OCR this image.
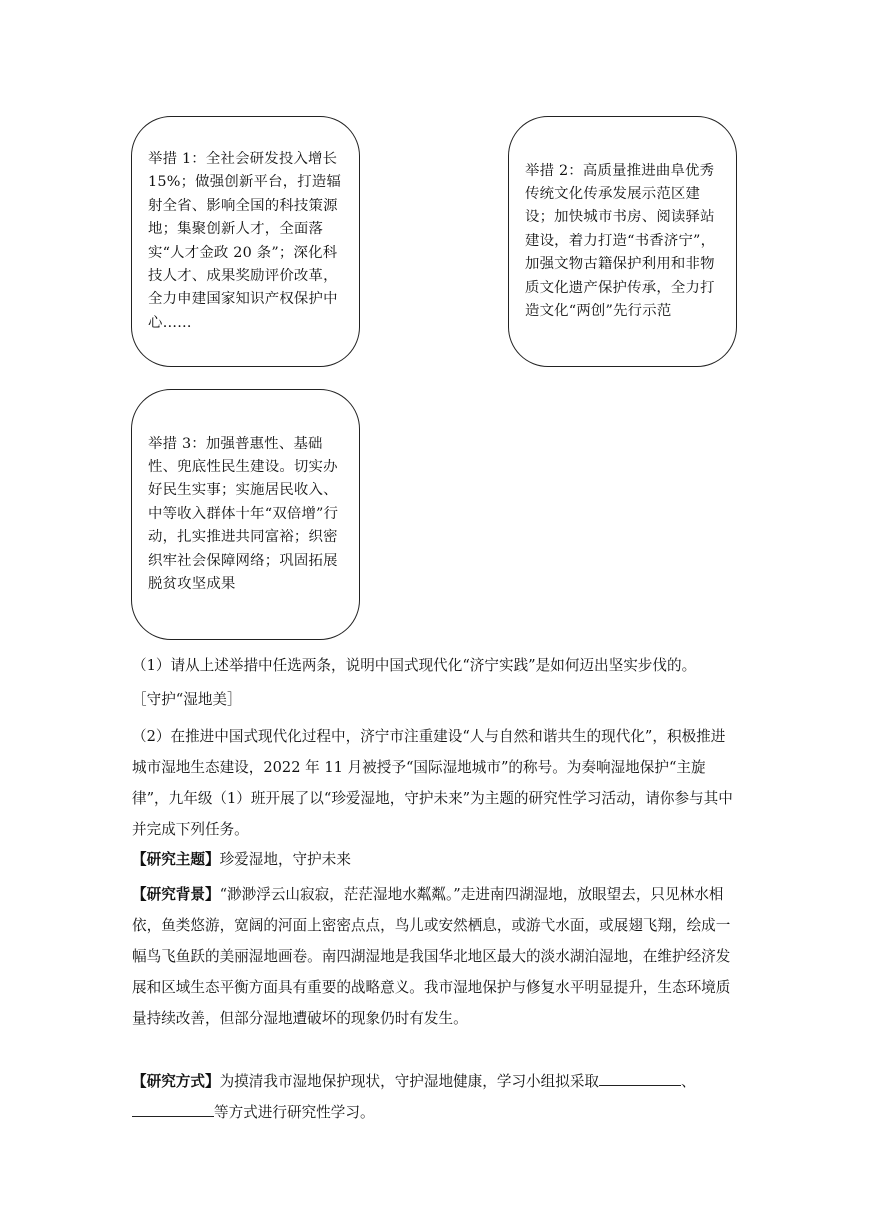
举措 1：全社会研发投入增长15%；做强创新平台，打造辐射全省、影响全国的科技策源地；集聚创新人才，全面落实“人才金政 20 条”；深化科技人才、成果奖励评价改革，全力申建国家知识产权保护中心……
举措 2：高质量推进曲阜优秀传统文化传承发展示范区建设；加快城市书房、阅读驿站建设，着力打造“书香济宁”，加强文物古籍保护利用和非物质文化遗产保护传承，全力打造文化“两创”先行示范
举措 3：加强普惠性、基础性、兜底性民生建设。切实办好民生实事；实施居民收入、中等收入群体十年“双倍增”行动，扎实推进共同富裕；织密织牢社会保障网络；巩固拓展脱贫攻坚成果

（1）请从上述举措中任选两条，说明中国式现代化“济宁实践”是如何迈出坚实步伐的。

［守护“湿地美］

（2）在推进中国式现代化过程中，济宁市注重建设“人与自然和谐共生的现代化”，积极推进城市湿地生态建设，2022 年 11 月被授予“国际湿地城市”的称号。为奏响湿地保护“主旋律”，九年级（1）班开展了以“珍爱湿地，守护未来”为主题的研究性学习活动，请你参与其中并完成下列任务。

【研究主题】珍爱湿地，守护未来

【研究背景】“渺渺浮云山寂寂，茫茫湿地水粼粼。”走进南四湖湿地，放眼望去，只见林水相依，鱼类悠游，宽阔的河面上密密点点，鸟儿或安然栖息，或游弋水面，或展翅飞翔，绘成一幅鸟飞鱼跃的美丽湿地画卷。南四湖湿地是我国华北地区最大的淡水湖泊湿地，在维护经济发展和区域生态平衡方面具有重要的战略意义。我市湿地保护与修复水平明显提升，生态环境质量持续改善，但部分湿地遭破坏的现象仍时有发生。

【研究方式】为摸清我市湿地保护现状，守护湿地健康，学习小组拟采取	、等方式进行研究性学习。
